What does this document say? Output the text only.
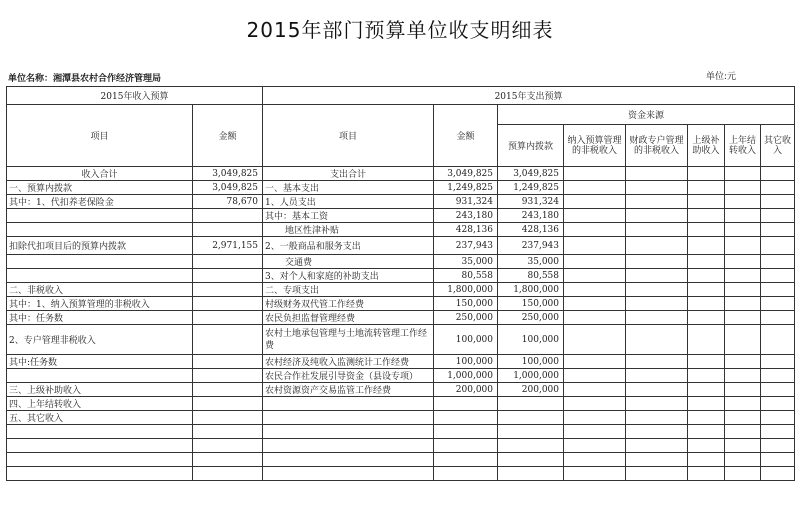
2015年部门预算单位收支明细表
单位名称：湘潭县农村合作经济管理局	单位:元
2015年收入预算		2015年支出预算							
项目	金额	项目	金额	资金来源					
				预算内拨款	纳入预算管理的非税收入	财政专户管理的非税收入	上级补助收入	上年结转收入	其它收入
收入合计	3,049,825	支出合计	3,049,825	3,049,825					
一、预算内拨款	3,049,825	一、基本支出	1,249,825	1,249,825					
其中：1、代扣养老保险金	78,670	1、人员支出	931,324	931,324					
		其中：基本工资	243,180	243,180					
		地区性津补贴	428,136	428,136					
扣除代扣项目后的预算内拨款	2,971,155	2、一般商品和服务支出	237,943	237,943					
		交通费	35,000	35,000					
		3、对个人和家庭的补助支出	80,558	80,558					
二、非税收入		二、专项支出	1,800,000	1,800,000					
其中：1、纳入预算管理的非税收入		村级财务双代管工作经费	150,000	150,000					
其中：任务数		农民负担监督管理经费	250,000	250,000					
2、专户管理非税收入		农村土地承包管理与土地流转管理工作经费	100,000	100,000					
其中:任务数		农村经济及纯收入监测统计工作经费	100,000	100,000					
		农民合作社发展引导资金（县设专项）	1,000,000	1,000,000					
三、上级补助收入		农村资源资产交易监管工作经费	200,000	200,000					
四、上年结转收入									
五、其它收入									
